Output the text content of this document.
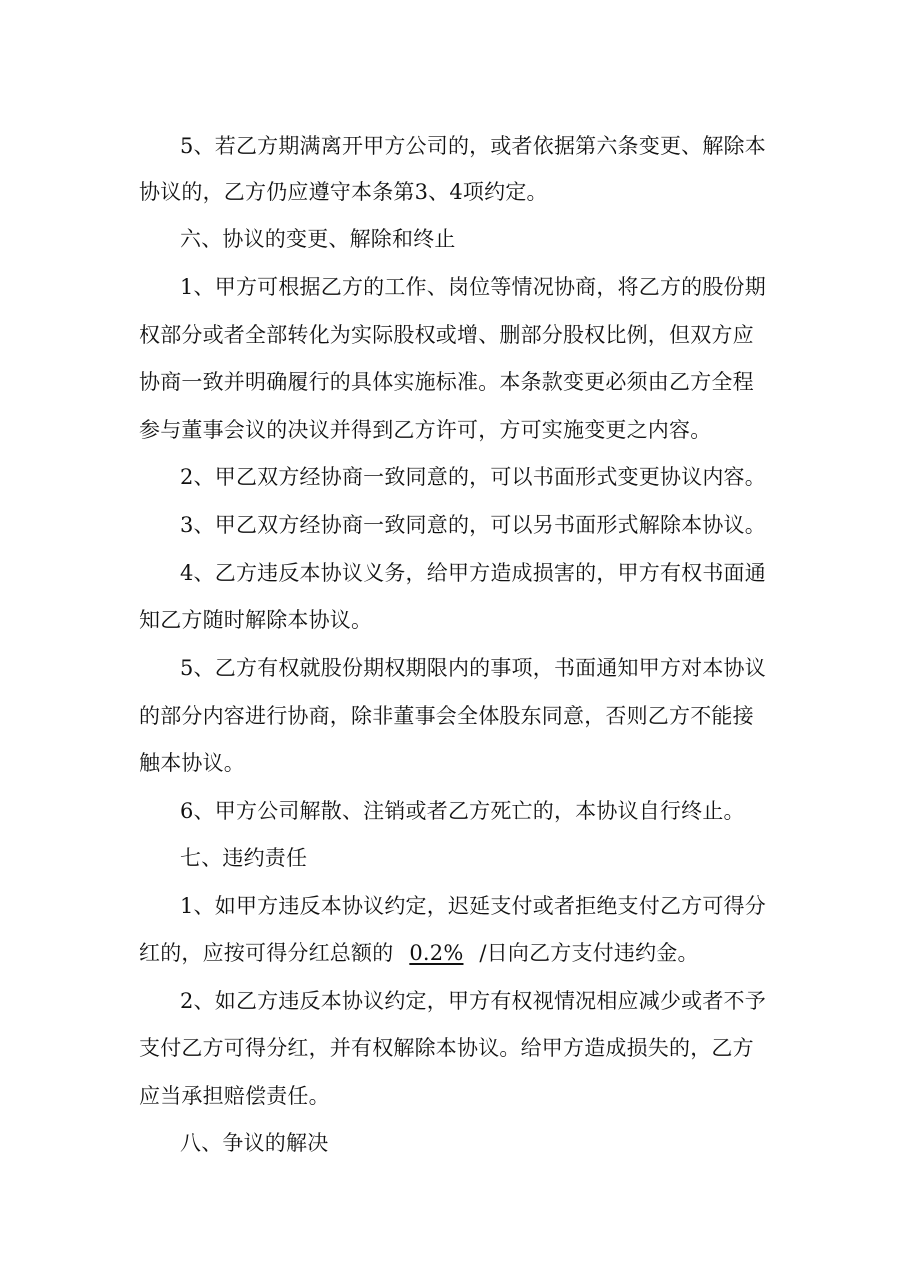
5、若乙方期满离开甲方公司的，或者依据第六条变更、解除本
协议的，乙方仍应遵守本条第3、4项约定。
六、协议的变更、解除和终止
1、甲方可根据乙方的工作、岗位等情况协商，将乙方的股份期
权部分或者全部转化为实际股权或增、删部分股权比例，但双方应
协商一致并明确履行的具体实施标准。本条款变更必须由乙方全程
参与董事会议的决议并得到乙方许可，方可实施变更之内容。
2、甲乙双方经协商一致同意的，可以书面形式变更协议内容。
3、甲乙双方经协商一致同意的，可以另书面形式解除本协议。
4、乙方违反本协议义务，给甲方造成损害的，甲方有权书面通
知乙方随时解除本协议。
5、乙方有权就股份期权期限内的事项，书面通知甲方对本协议
的部分内容进行协商，除非董事会全体股东同意，否则乙方不能接
触本协议。
6、甲方公司解散、注销或者乙方死亡的，本协议自行终止。
七、违约责任
1、如甲方违反本协议约定，迟延支付或者拒绝支付乙方可得分
红的，应按可得分红总额的 0.2% /日向乙方支付违约金。
2、如乙方违反本协议约定，甲方有权视情况相应减少或者不予
支付乙方可得分红，并有权解除本协议。给甲方造成损失的，乙方
应当承担赔偿责任。
八、争议的解决
